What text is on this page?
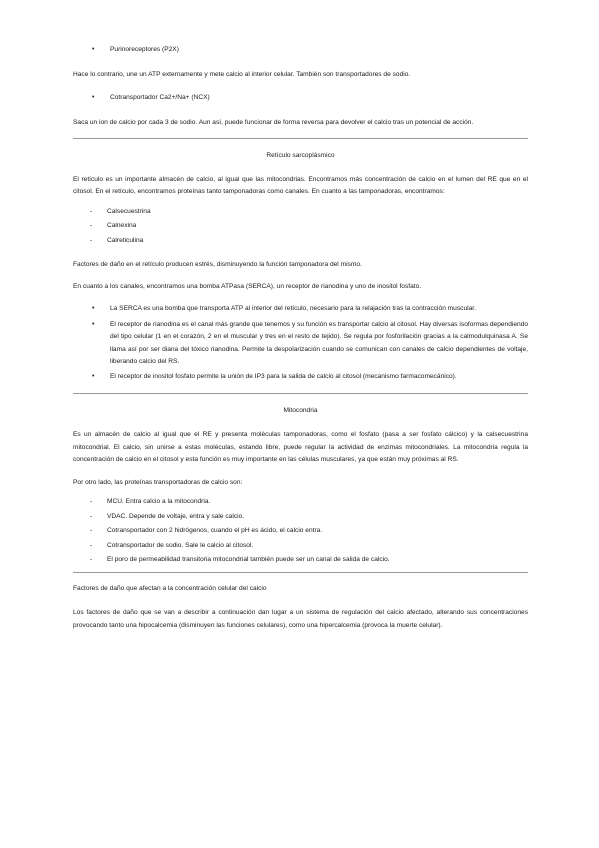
• Purinoreceptores (P2X)

Hace lo contrario, une un ATP externamente y mete calcio al interior celular. También son transportadores de sodio.

• Cotransportador Ca2+/Na+ (NCX)

Saca un ion de calcio por cada 3 de sodio. Aun así, puede funcionar de forma reversa para devolver el calcio tras un potencial de acción.

Retículo sarcoplásmico

El retículo es un importante almacén de calcio, al igual que las mitocondrias. Encontramos más concentración de calcio en el lumen del RE que en el citosol. En el retículo, encontramos proteínas tanto tamponadoras como canales. En cuanto a las tamponadoras, encontramos:

- Calsecuestrina
- Calnexina
- Calreticulina

Factores de daño en el retículo producen estrés, disminuyendo la función tamponadora del mismo.

En cuanto a los canales, encontramos una bomba ATPasa (SERCA), un receptor de rianodina y uno de inositol fosfato.

• La SERCA es una bomba que transporta ATP al interior del retículo, necesario para la relajación tras la contracción muscular.
• El receptor de rianodina es el canal más grande que tenemos y su función es transportar calcio al citosol. Hay diversas isoformas dependiendo del tipo celular (1 en el corazón, 2 en el muscular y tres en el resto de tejido). Se regula por fosforilación gracias a la calmodulquinasa A. Se llama así por ser diana del tóxico rianodina. Permite la despolarización cuando se comunican con canales de calcio dependientes de voltaje, liberando calcio del RS.
• El receptor de inositol fosfato permite la unión de IP3 para la salida de calcio al citosol (mecanismo farmacomecánico).

Mitocondria

Es un almacén de calcio al igual que el RE y presenta moléculas tamponadoras, como el fosfato (pasa a ser fosfato cálcico) y la calsecuestrina mitocondrial. El calcio, sin unirse a estas moléculas, estando libre, puede regular la actividad de enzimas mitocondriales. La mitocondria regula la concentración de calcio en el citosol y esta función es muy importante en las células musculares, ya que están muy próximas al RS.

Por otro lado, las proteínas transportadoras de calcio son:

- MCU. Entra calcio a la mitocondria.
- VDAC. Depende de voltaje, entra y sale calcio.
- Cotransportador con 2 hidrógenos, cuando el pH es ácido, el calcio entra.
- Cotransportador de sodio. Sale le calcio al citosol.
- El poro de permeabilidad transitoria mitocondrial también puede ser un canal de salida de calcio.

Factores de daño que afectan a la concentración celular del calcio

Los factores de daño que se van a describir a continuación dan lugar a un sistema de regulación del calcio afectado, alterando sus concentraciones provocando tanto una hipocalcemia (disminuyen las funciones celulares), como una hipercalcemia (provoca la muerte celular).
